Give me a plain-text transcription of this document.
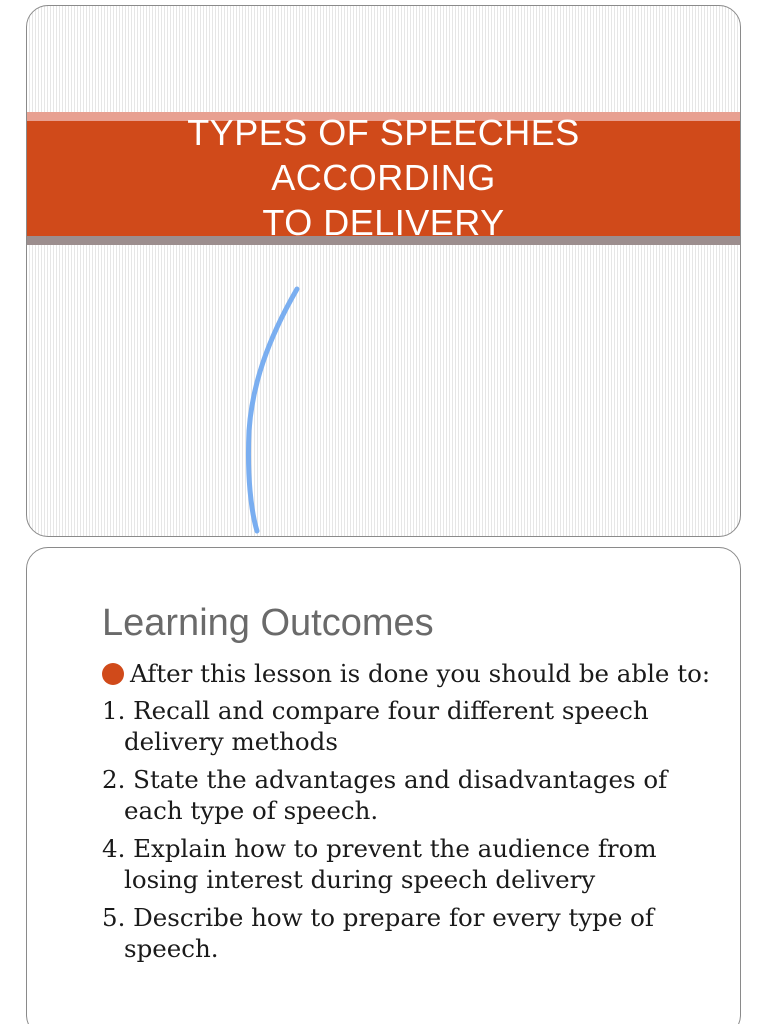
TYPES OF SPEECHES
ACCORDING
TO DELIVERY
Learning Outcomes

After this lesson is done you should be able to:

1. Recall and compare four different speech delivery methods

2. State the advantages and disadvantages of each type of speech.

4. Explain how to prevent the audience from losing interest during speech delivery

5. Describe how to prepare for every type of speech.
